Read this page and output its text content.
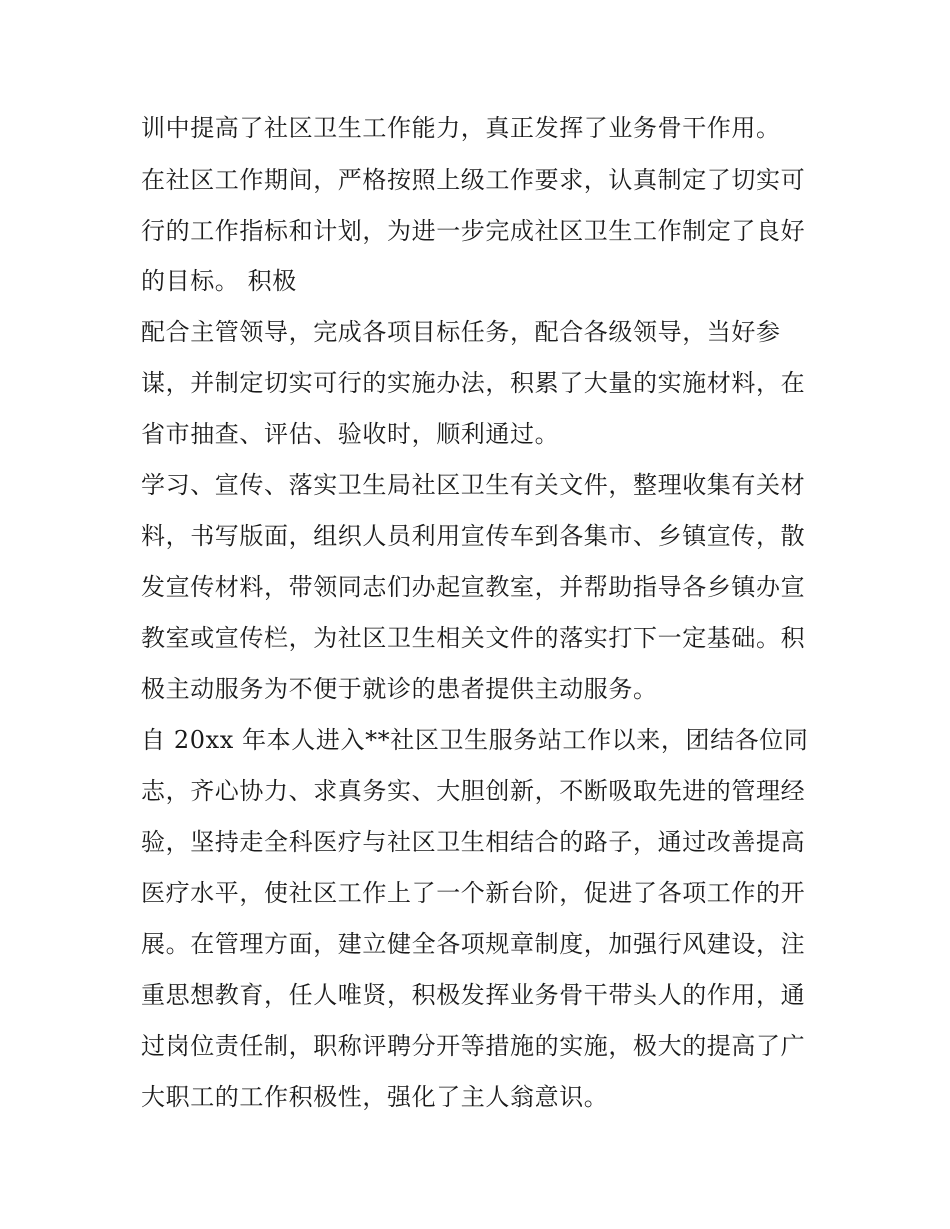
训中提高了社区卫生工作能力，真正发挥了业务骨干作用。
在社区工作期间，严格按照上级工作要求，认真制定了切实可
行的工作指标和计划，为进一步完成社区卫生工作制定了良好
的目标。 积极
配合主管领导，完成各项目标任务，配合各级领导，当好参
谋，并制定切实可行的实施办法，积累了大量的实施材料，在
省市抽查、评估、验收时，顺利通过。
学习、宣传、落实卫生局社区卫生有关文件，整理收集有关材
料，书写版面，组织人员利用宣传车到各集市、乡镇宣传，散
发宣传材料，带领同志们办起宣教室，并帮助指导各乡镇办宣
教室或宣传栏，为社区卫生相关文件的落实打下一定基础。积
极主动服务为不便于就诊的患者提供主动服务。
自 20xx 年本人进入**社区卫生服务站工作以来，团结各位同
志，齐心协力、求真务实、大胆创新，不断吸取先进的管理经
验，坚持走全科医疗与社区卫生相结合的路子，通过改善提高
医疗水平，使社区工作上了一个新台阶，促进了各项工作的开
展。在管理方面，建立健全各项规章制度，加强行风建设，注
重思想教育，任人唯贤，积极发挥业务骨干带头人的作用，通
过岗位责任制，职称评聘分开等措施的实施，极大的提高了广
大职工的工作积极性，强化了主人翁意识。
